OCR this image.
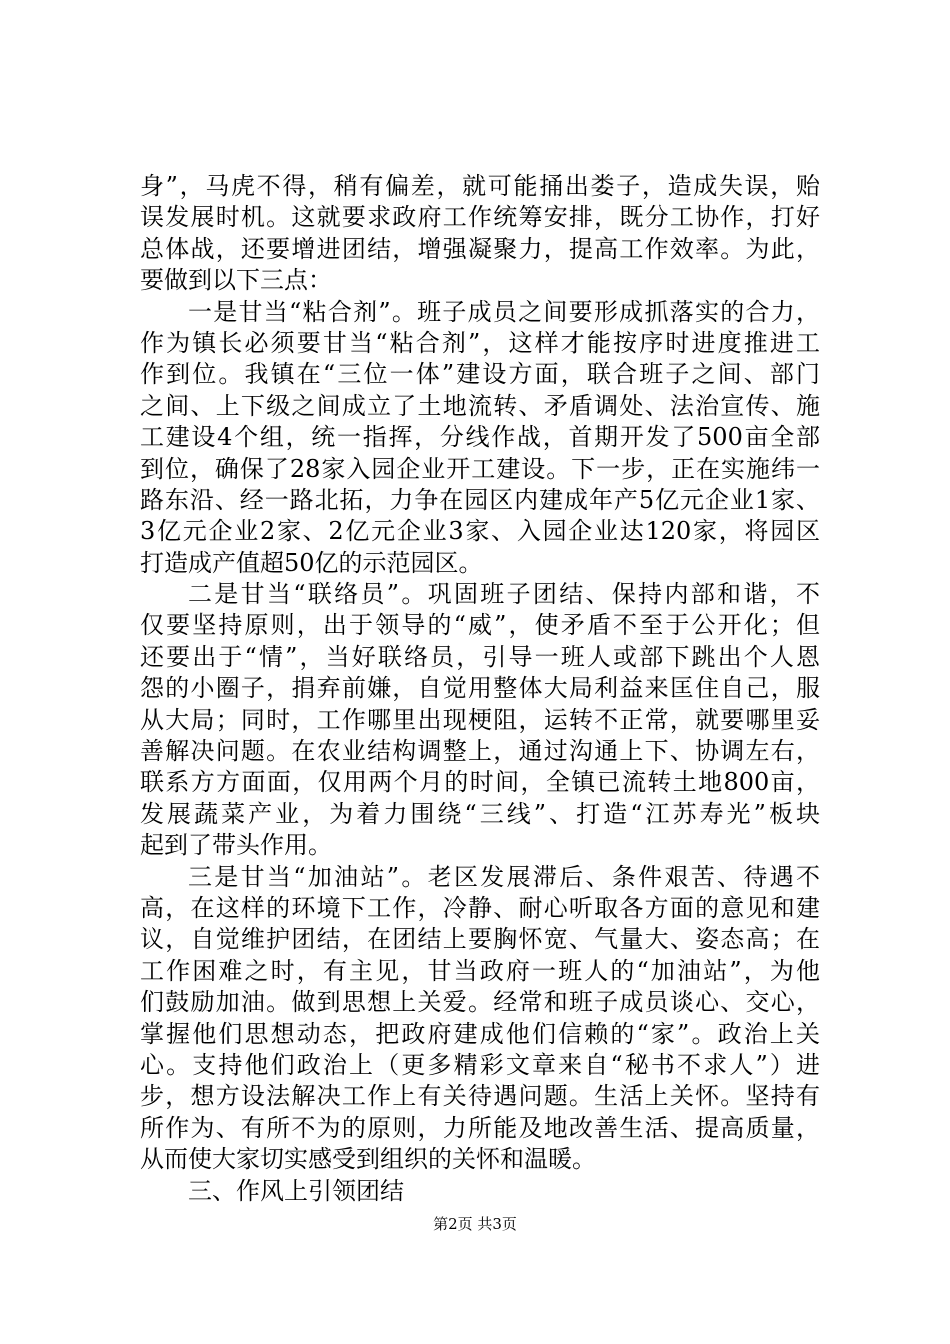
身”，马虎不得，稍有偏差，就可能捅出娄子，造成失误，贻
误发展时机。这就要求政府工作统筹安排，既分工协作，打好
总体战，还要增进团结，增强凝聚力，提高工作效率。为此，
要做到以下三点：
一是甘当“粘合剂”。班子成员之间要形成抓落实的合力，
作为镇长必须要甘当“粘合剂”，这样才能按序时进度推进工
作到位。我镇在“三位一体”建设方面，联合班子之间、部门
之间、上下级之间成立了土地流转、矛盾调处、法治宣传、施
工建设4个组，统一指挥，分线作战，首期开发了500亩全部
到位，确保了28家入园企业开工建设。下一步，正在实施纬一
路东沿、经一路北拓，力争在园区内建成年产5亿元企业1家、
3亿元企业2家、2亿元企业3家、入园企业达120家，将园区
打造成产值超50亿的示范园区。
二是甘当“联络员”。巩固班子团结、保持内部和谐，不
仅要坚持原则，出于领导的“威”，使矛盾不至于公开化；但
还要出于“情”，当好联络员，引导一班人或部下跳出个人恩
怨的小圈子，捐弃前嫌，自觉用整体大局利益来匡住自己，服
从大局；同时，工作哪里出现梗阻，运转不正常，就要哪里妥
善解决问题。在农业结构调整上，通过沟通上下、协调左右，
联系方方面面，仅用两个月的时间，全镇已流转土地800亩，
发展蔬菜产业，为着力围绕“三线”、打造“江苏寿光”板块
起到了带头作用。
三是甘当“加油站”。老区发展滞后、条件艰苦、待遇不
高，在这样的环境下工作，冷静、耐心听取各方面的意见和建
议，自觉维护团结，在团结上要胸怀宽、气量大、姿态高；在
工作困难之时，有主见，甘当政府一班人的“加油站”，为他
们鼓励加油。做到思想上关爱。经常和班子成员谈心、交心，
掌握他们思想动态，把政府建成他们信赖的“家”。政治上关
心。支持他们政治上（更多精彩文章来自“秘书不求人”）进
步，想方设法解决工作上有关待遇问题。生活上关怀。坚持有
所作为、有所不为的原则，力所能及地改善生活、提高质量，
从而使大家切实感受到组织的关怀和温暖。
三、作风上引领团结
第2页 共3页
